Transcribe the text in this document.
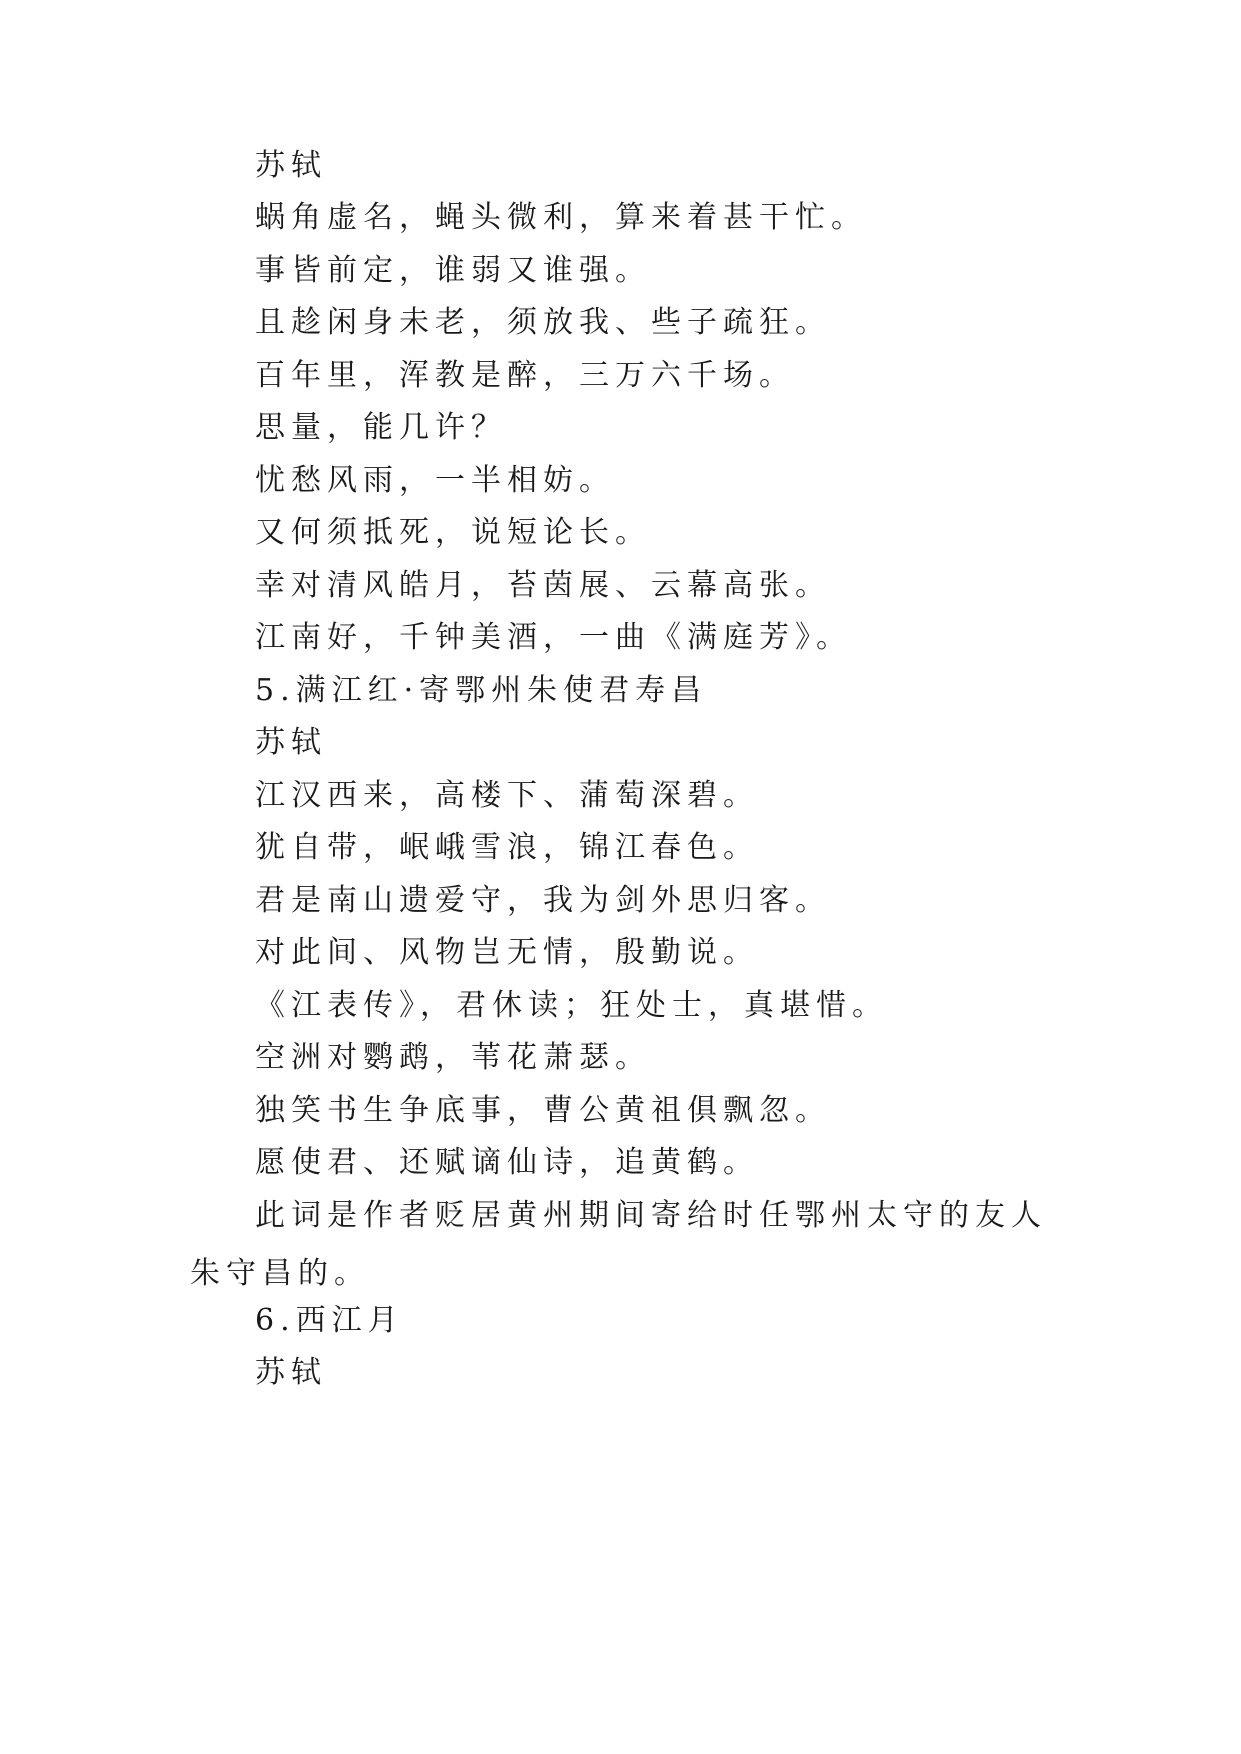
苏轼

蜗角虚名，蝇头微利，算来着甚干忙。

事皆前定，谁弱又谁强。

且趁闲身未老，须放我、些子疏狂。

百年里，浑教是醉，三万六千场。

思量，能几许？

忧愁风雨，一半相妨。

又何须抵死，说短论长。

幸对清风皓月，苔茵展、云幕高张。

江南好，千钟美酒，一曲《满庭芳》。

5.满江红·寄鄂州朱使君寿昌

苏轼

江汉西来，高楼下、蒲萄深碧。

犹自带，岷峨雪浪，锦江春色。

君是南山遗爱守，我为剑外思归客。

对此间、风物岂无情，殷勤说。

《江表传》，君休读；狂处士，真堪惜。

空洲对鹦鹉，苇花萧瑟。

独笑书生争底事，曹公黄祖俱飘忽。

愿使君、还赋谪仙诗，追黄鹤。

此词是作者贬居黄州期间寄给时任鄂州太守的友人朱守昌的。

6.西江月

苏轼
